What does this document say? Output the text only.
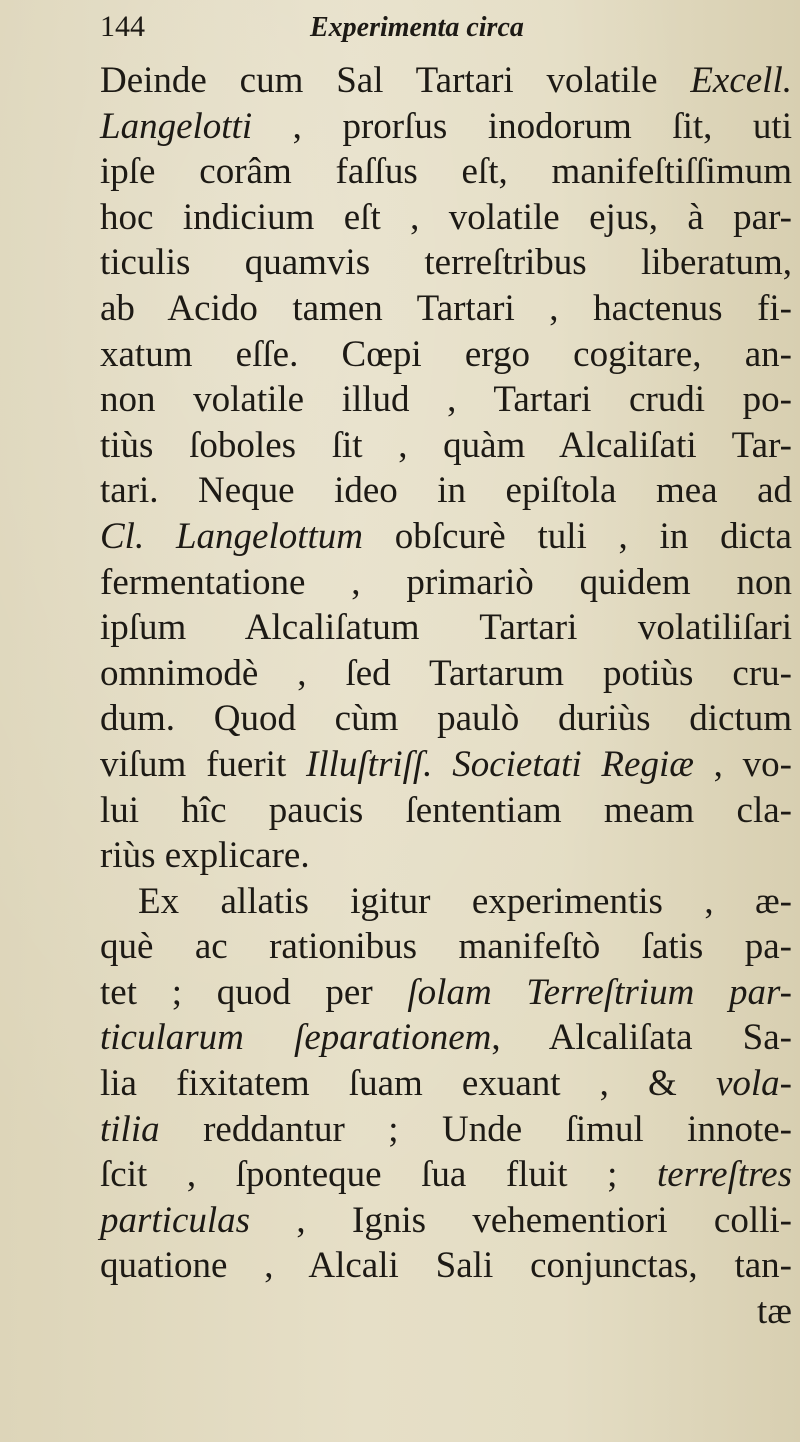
144	Experimenta circa
Deinde cum Sal Tartari volatile Excell.
Langelotti , prorſus inodorum ſit, uti
ipſe corâm faſſus eſt, manifeſtiſſimum
hoc indicium eſt , volatile ejus, à par-
ticulis quamvis terreſtribus liberatum,
ab Acido tamen Tartari , hactenus fi-
xatum eſſe. Cœpi ergo cogitare, an-
non volatile illud , Tartari crudi po-
tiùs ſoboles ſit , quàm Alcaliſati Tar-
tari. Neque ideo in epiſtola mea ad
Cl. Langelottum obſcurè tuli , in dicta
fermentatione , primariò quidem non
ipſum Alcaliſatum Tartari volatiliſari
omnimodè , ſed Tartarum potiùs cru-
dum. Quod cùm paulò duriùs dictum
viſum fuerit Illuſtriſſ. Societati Regiæ , vo-
lui hîc paucis ſententiam meam cla-
riùs explicare.
Ex allatis igitur experimentis , æ-
què ac rationibus manifeſtò ſatis pa-
tet ; quod per ſolam Terreſtrium par-
ticularum ſeparationem, Alcaliſata Sa-
lia fixitatem ſuam exuant , & vola-
tilia reddantur ; Unde ſimul innote-
ſcit , ſponteque ſua fluit ; terreſtres
particulas , Ignis vehementiori colli-
quatione , Alcali Sali conjunctas, tan-
tæ
